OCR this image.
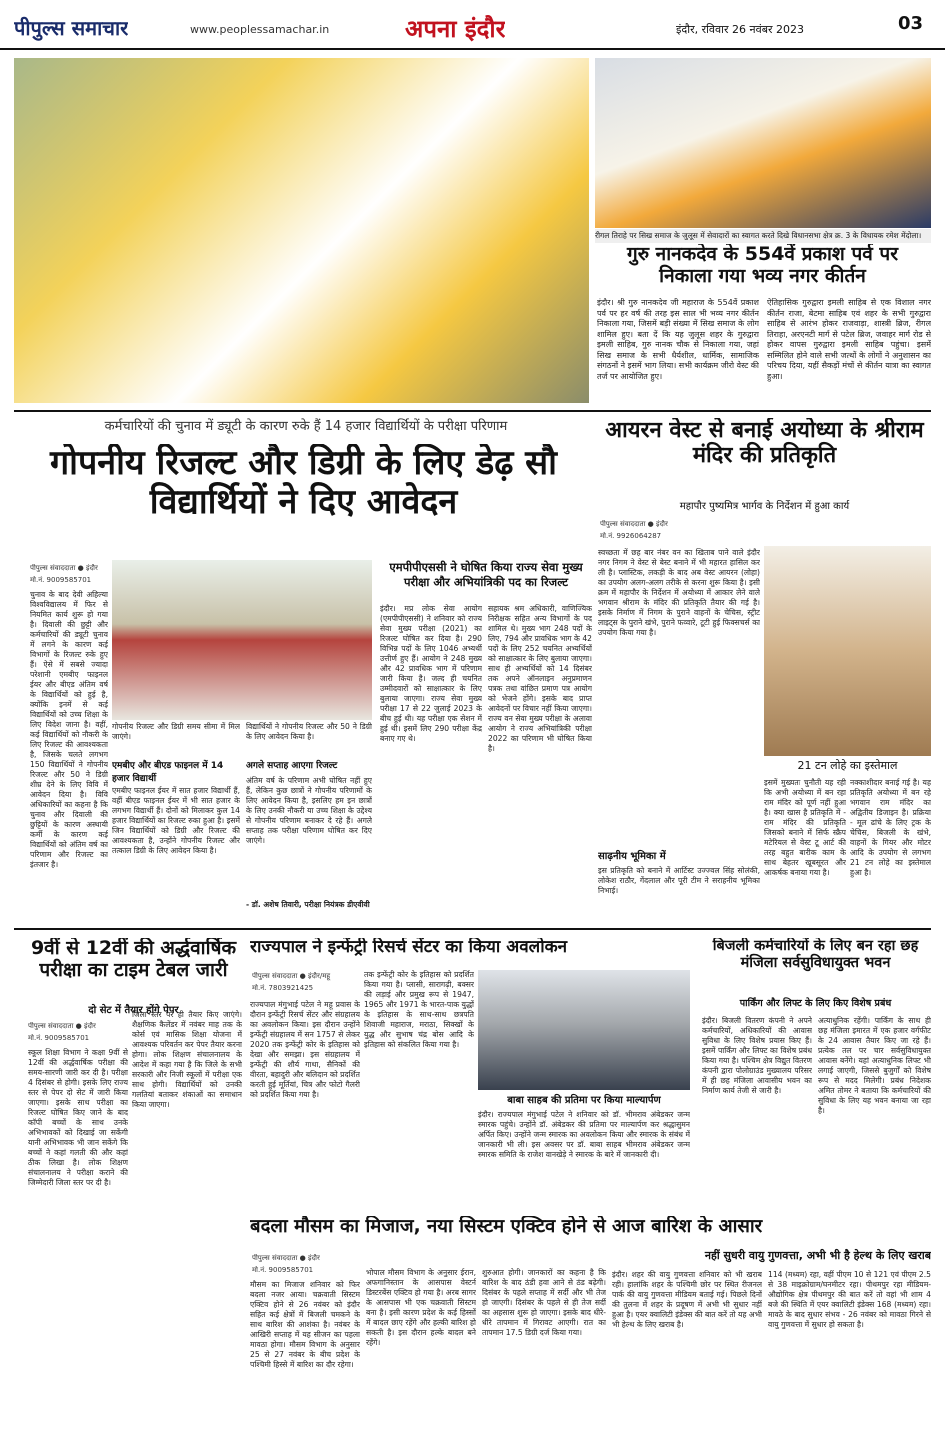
पीपुल्स समाचार	www.peoplessamachar.in	अपना इंदौर	इंदौर, रविवार 26 नवंबर 2023	03
रीगल तिराहे पर सिख समाज के जुलूस में सेवादारों का स्वागत करते दिखे विधानसभा क्षेत्र क्र. 3 के विधायक रमेश मेंदोला।
गुरु नानकदेव के 554वें प्रकाश पर्व पर निकाला गया भव्य नगर कीर्तन
इंदौर। श्री गुरु नानकदेव जी महाराज के 554वें प्रकाश पर्व पर हर वर्ष की तरह इस साल भी भव्य नगर कीर्तन निकाला गया, जिसमें बड़ी संख्या में सिख समाज के लोग शामिल हुए। बता दें कि यह जुलूस शहर के गुरुद्वारा इमली साहिब, गुरु नानक चौक से निकाला गया, जहां सिख समाज के सभी धैर्यशील, धार्मिक, सामाजिक संगठनों ने इसमें भाग लिया। सभी कार्यक्रम जीरो वेस्ट की तर्ज पर आयोजित हुए।
ऐतिहासिक गुरुद्वारा इमली साहिब से एक विशाल नगर कीर्तन राजा, बेटमा साहिब एवं शहर के सभी गुरुद्वारा साहिब से आरंभ होकर राजवाड़ा, शास्त्री ब्रिज, रीगल तिराहा, अरएनटी मार्ग से पटेल ब्रिज, जवाहर मार्ग रोड से होकर वापस गुरुद्वारा इमली साहिब पहुंचा। इसमें सम्मिलित होने वाले सभी जत्थों के लोगों ने अनुशासन का परिचय दिया, यहीं सैकड़ों मंचों से कीर्तन यात्रा का स्वागत हुआ।
कर्मचारियों की चुनाव में ड्यूटी के कारण रुके हैं 14 हजार विद्यार्थियों के परीक्षा परिणाम
गोपनीय रिजल्ट और डिग्री के लिए डेढ़ सौ विद्यार्थियों ने दिए आवेदन
पीपुल्स संवाददाता ● इंदौर
मो.नं. 9009585701
चुनाव के बाद देवी अहिल्या विश्वविद्यालय में फिर से नियमित कार्य शुरू हो गया है। दिवाली की छुट्टी और कर्मचारियों की ड्यूटी चुनाव में लगने के कारण कई विभागों के रिजल्ट रुके हुए हैं। ऐसे में सबसे ज्यादा परेशानी एमबीए फाइनल ईयर और बीएड अंतिम वर्ष के विद्यार्थियों को हुई है, क्योंकि इनमें से कई विद्यार्थियों को उच्च शिक्षा के लिए विदेश जाना है। वहीं, कई विद्यार्थियों को नौकरी के लिए रिजल्ट की आवश्यकता है, जिसके चलते लगभग 150 विद्यार्थियों ने गोपनीय रिजल्ट और 50 ने डिग्री शीघ्र देने के लिए विवि में आवेदन दिया है। विवि अधिकारियों का कहना है कि चुनाव और दिवाली की छुट्टियों के कारण अस्थायी कर्मी के कारण कई विद्यार्थियों को अंतिम वर्ष का परिणाम और रिजल्ट का इंतजार है।
गोपनीय रिजल्ट और डिग्री समय सीमा में मिल जाएंगे।
विद्यार्थियों ने गोपनीय रिजल्ट और 50 ने डिग्री के लिए आवेदन किया है।
एमबीए और बीएड फाइनल में 14 हजार विद्यार्थी
एमबीए फाइनल ईयर में सात हजार विद्यार्थी हैं, वहीं बीएड फाइनल ईयर में भी सात हजार के लगभग विद्यार्थी हैं। दोनों को मिलाकर कुल 14 हजार विद्यार्थियों का रिजल्ट रुका हुआ है। इसमें जिन विद्यार्थियों को डिग्री और रिजल्ट की आवश्यकता है, उन्होंने गोपनीय रिजल्ट और तत्काल डिग्री के लिए आवेदन किया है।
अगले सप्ताह आएगा रिजल्ट
अंतिम वर्ष के परिणाम अभी घोषित नहीं हुए हैं, लेकिन कुछ छात्रों ने गोपनीय परिणामों के लिए आवेदन किया है, इसलिए हम इन छात्रों के लिए उनकी नौकरी या उच्च शिक्षा के उद्देश्य से गोपनीय परिणाम बनाकर दे रहे हैं। अगले सप्ताह तक परीक्षा परिणाम घोषित कर दिए जाएंगे।
- डॉ. अशेष तिवारी, परीक्षा नियंत्रक डीएवीवी
एमपीपीएससी ने घोषित किया राज्य सेवा मुख्य परीक्षा और अभियांत्रिकी पद का रिजल्ट
इंदौर। मप्र लोक सेवा आयोग (एमपीपीएससी) ने शनिवार को राज्य सेवा मुख्य परीक्षा (2021) का रिजल्ट घोषित कर दिया है। 290 विभिन्न पदों के लिए 1046 अभ्यर्थी उत्तीर्ण हुए हैं। आयोग ने 248 मुख्य और 42 प्रावधिक भाग में परिणाम जारी किया है। जल्द ही चयनित उम्मीदवारों को साक्षात्कार के लिए बुलाया जाएगा। राज्य सेवा मुख्य परीक्षा 17 से 22 जुलाई 2023 के बीच हुई थी। यह परीक्षा एक सेशन में हुई थी। इसमें लिए 290 परीक्षा केंद्र बनाए गए थे।
सहायक श्रम अधिकारी, वाणिज्यिक निरीक्षक सहित अन्य विभागों के पद शामिल थे। मुख्य भाग 248 पदों के लिए, 794 और प्रावधिक भाग के 42 पदों के लिए 252 चयनित अभ्यर्थियों को साक्षात्कार के लिए बुलाया जाएगा। साथ ही अभ्यर्थियों को 14 दिसंबर तक अपने ऑनलाइन अनुप्रमाणन पत्रक तथा वांछित प्रमाण पत्र आयोग को भेजने होंगे। इसके बाद प्राप्त आवेदनों पर विचार नहीं किया जाएगा। राज्य वन सेवा मुख्य परीक्षा के अलावा आयोग ने राज्य अभियांत्रिकी परीक्षा 2022 का परिणाम भी घोषित किया है।
आयरन वेस्ट से बनाई अयोध्या के श्रीराम मंदिर की प्रतिकृति
महापौर पुष्यमित्र भार्गव के निर्देशन में हुआ कार्य
पीपुल्स संवाददाता ● इंदौर
मो.नं. 9926064287
स्वच्छता में छह बार नंबर वन का खिताब पाने वाले इंदौर नगर निगम ने वेस्ट से बेस्ट बनाने में भी महारत हासिल कर ली है। प्लास्टिक, लकड़ी के बाद अब वेस्ट आयरन (लोहा) का उपयोग अलग-अलग तरीके से करना शुरू किया है। इसी क्रम में महापौर के निर्देशन में अयोध्या में आकार लेने वाले भगवान श्रीराम के मंदिर की प्रतिकृति तैयार की गई है। इसके निर्माण में निगम के पुराने वाहनों के चेचिस, स्ट्रीट लाइट्स के पुराने खंभे, पुराने फव्वारे, टूटी हुई फिक्सचर्स का उपयोग किया गया है।
21 टन लोहे का इस्तेमाल
साढ़नीय भूमिका में
इस प्रतिकृति को बनाने में आर्टिस्ट उज्ज्वल सिंह सोलंकी, लोकेश राठौर, गेंदलाल और पूरी टीम ने सराहनीय भूमिका निभाई।
इसमें मुख्यतः चुनौती यह रही कि अभी अयोध्या में बन रहा राम मंदिर को पूर्ण नहीं हुआ है। क्या खास है प्रतिकृति में - राम मंदिर की प्रतिकृति जिसको बनाने में सिर्फ स्क्रैप मटेरियल से वेस्ट टू आर्ट की तरह बहुत बारीक काम के साथ बेहतर खूबसूरत और आकर्षक बनाया गया है।
नक्काशीदार बनाई गई है। यह प्रतिकृति अयोध्या में बन रहे भगवान राम मंदिर का अद्वितीय डिजाइन है। प्रक्रिया - मूल ढांचे के लिए ट्रक के चेचिस, बिजली के खंभे, वाहनों के गियर और मोटर आदि के उपयोग से लगभग 21 टन लोहे का इस्तेमाल हुआ है।
9वीं से 12वीं की अर्द्धवार्षिक परीक्षा का टाइम टेबल जारी
दो सेट में तैयार होंगे पेपर
पीपुल्स संवाददाता ● इंदौर
मो.नं. 9009585701
स्कूल शिक्षा विभाग ने कक्षा 9वीं से 12वीं की अर्द्धवार्षिक परीक्षा की समय-सारणी जारी कर दी है। परीक्षा 4 दिसंबर से होगी। इसके लिए राज्य स्तर से पेपर दो सेट में जारी किया जाएगा। इसके साथ परीक्षा का रिजल्ट घोषित किए जाने के बाद कॉपी बच्चों के साथ उनके अभिभावकों को दिखाई जा सकेंगी यानी अभिभावक भी जान सकेंगे कि बच्चों ने कहां गलती की और कहां ठीक लिखा है। लोक शिक्षण संचालनालय ने परीक्षा कराने की जिम्मेदारी जिला स्तर पर दी है।
जिला स्तर पर ही तैयार किए जाएंगे। शैक्षणिक कैलेंडर में नवंबर माह तक के कोर्स एवं मासिक शिक्षा योजना में आवश्यक परिवर्तन कर पेपर तैयार करना होगा। लोक शिक्षण संचालनालय के आदेश में कहा गया है कि जिले के सभी सरकारी और निजी स्कूलों में परीक्षा एक साथ होगी। विद्यार्थियों को उनकी गलतियां बताकर शंकाओं का समाधान किया जाएगा।
राज्यपाल ने इन्फेंट्री रिसर्च सेंटर का किया अवलोकन
पीपुल्स संवाददाता ● इंदौर/महू
मो.नं. 7803921425
राज्यपाल मंगुभाई पटेल ने महू प्रवास के दौरान इन्फेंट्री रिसर्च सेंटर और संग्रहालय का अवलोकन किया। इस दौरान उन्होंने इन्फेंट्री संग्रहालय में सन 1757 से लेकर 2020 तक इन्फेंट्री कोर के इतिहास को देखा और समझा। इस संग्रहालय में इन्फेंट्री की शौर्य गाथा, सैनिकों की वीरता, बहादुरी और बलिदान को प्रदर्शित करती हुई मूर्तियां, चित्र और फोटो गैलरी को प्रदर्शित किया गया है।
तक इन्फेंट्री कोर के इतिहास को प्रदर्शित किया गया है। प्लासी, सारागढ़ी, बक्सर की लड़ाई और प्रमुख रूप से 1947, 1965 और 1971 के भारत-पाक युद्धों के इतिहास के साथ-साथ छत्रपति शिवाजी महाराज, मराठा, सिक्खों के युद्ध और सुभाष चंद्र बोस आदि के इतिहास को संकलित किया गया है।
बाबा साहब की प्रतिमा पर किया माल्यार्पण
इंदौर। राज्यपाल मंगुभाई पटेल ने शनिवार को डॉ. भीमराव अंबेडकर जन्म स्मारक पहुंचे। उन्होंने डॉ. अंबेडकर की प्रतिमा पर माल्यार्पण कर श्रद्धासुमन अर्पित किए। उन्होंने जन्म स्मारक का अवलोकन किया और स्मारक के संबंध में जानकारी भी ली। इस अवसर पर डॉ. बाबा साहब भीमराव अंबेडकर जन्म स्मारक समिति के राजेश वानखेड़े ने स्मारक के बारे में जानकारी दी।
बिजली कर्मचारियों के लिए बन रहा छह मंजिला सर्वसुविधायुक्त भवन
पार्किंग और लिफ्ट के लिए किए विशेष प्रबंध
इंदौर। बिजली वितरण कंपनी ने अपने कर्मचारियों, अधिकारियों की आवास सुविधा के लिए विशेष प्रयास किए हैं। इसमें पार्किंग और लिफ्ट का विशेष प्रबंध किया गया है। पश्चिम क्षेत्र विद्युत वितरण कंपनी द्वारा पोलोग्राउंड मुख्यालय परिसर में ही छह मंजिला आवासीय भवन का निर्माण कार्य तेजी से जारी है।
अत्याधुनिक रहेंगी। पार्किंग के साथ ही छह मंजिला इमारत में एक हजार वर्गफीट के 24 आवास तैयार किए जा रहे हैं। प्रत्येक तल पर चार सर्वसुविधायुक्त आवास बनेंगे। यहां अत्याधुनिक लिफ्ट भी लगाई जाएगी, जिससे बुजुर्गों को विशेष रूप से मदद मिलेगी। प्रबंध निदेशक अमित तोमर ने बताया कि कर्मचारियों की सुविधा के लिए यह भवन बनाया जा रहा है।
बदला मौसम का मिजाज, नया सिस्टम एक्टिव होने से आज बारिश के आसार
नहीं सुधरी वायु गुणवत्ता, अभी भी है हेल्थ के लिए खराब
पीपुल्स संवाददाता ● इंदौर
मो.नं. 9009585701
मौसम का मिजाज शनिवार को फिर बदला नजर आया। चक्रवाती सिस्टम एक्टिव होने से 26 नवंबर को इंदौर सहित कई क्षेत्रों में बिजली चमकने के साथ बारिश की आशंका है। नवंबर के आखिरी सप्ताह में यह सीजन का पहला मावठा होगा। मौसम विभाग के अनुसार 25 से 27 नवंबर के बीच प्रदेश के पश्चिमी हिस्से में बारिश का दौर रहेगा।
भोपाल मौसम विभाग के अनुसार ईरान, अफगानिस्तान के आसपास वेस्टर्न डिस्टरबेंस एक्टिव हो गया है। अरब सागर के आसपास भी एक चक्रवाती सिस्टम बना है। इसी कारण प्रदेश के कई हिस्सों में बादल छाए रहेंगे और हल्की बारिश हो सकती है। इस दौरान हल्के बादल बने रहेंगे।
शुरुआत होगी। जानकारों का कहना है कि बारिश के बाद ठंडी हवा आने से ठंड बढ़ेगी। दिसंबर के पहले सप्ताह में सर्दी और भी तेज हो जाएगी। दिसंबर के पहले से ही तेज सर्दी का अहसास शुरू हो जाएगा। इसके बाद धीरे-धीरे तापमान में गिरावट आएगी। रात का तापमान 17.5 डिग्री दर्ज किया गया।
इंदौर। शहर की वायु गुणवत्ता शनिवार को भी खराब रही। हालांकि शहर के पश्चिमी छोर पर स्थित रीजनल पार्क की वायु गुणवत्ता मीडियम बताई गई। पिछले दिनों की तुलना में शहर के प्रदूषण में अभी भी सुधार नहीं हुआ है। एयर क्वालिटी इंडेक्स की बात करें तो यह अभी भी हेल्थ के लिए खराब है।
114 (मध्यम) रहा, वहीं पीएम 10 से 121 एवं पीएम 2.5 से 38 माइक्रोग्राम/घनमीटर रहा। पीथमपुर रहा मीडियम-औद्योगिक क्षेत्र पीथमपुर की बात करें तो वहां भी शाम 4 बजे की स्थिति में एयर क्वालिटी इंडेक्स 168 (मध्यम) रहा। मावठे के बाद सुधार संभव - 26 नवंबर को मावठा गिरने से वायु गुणवत्ता में सुधार हो सकता है।
